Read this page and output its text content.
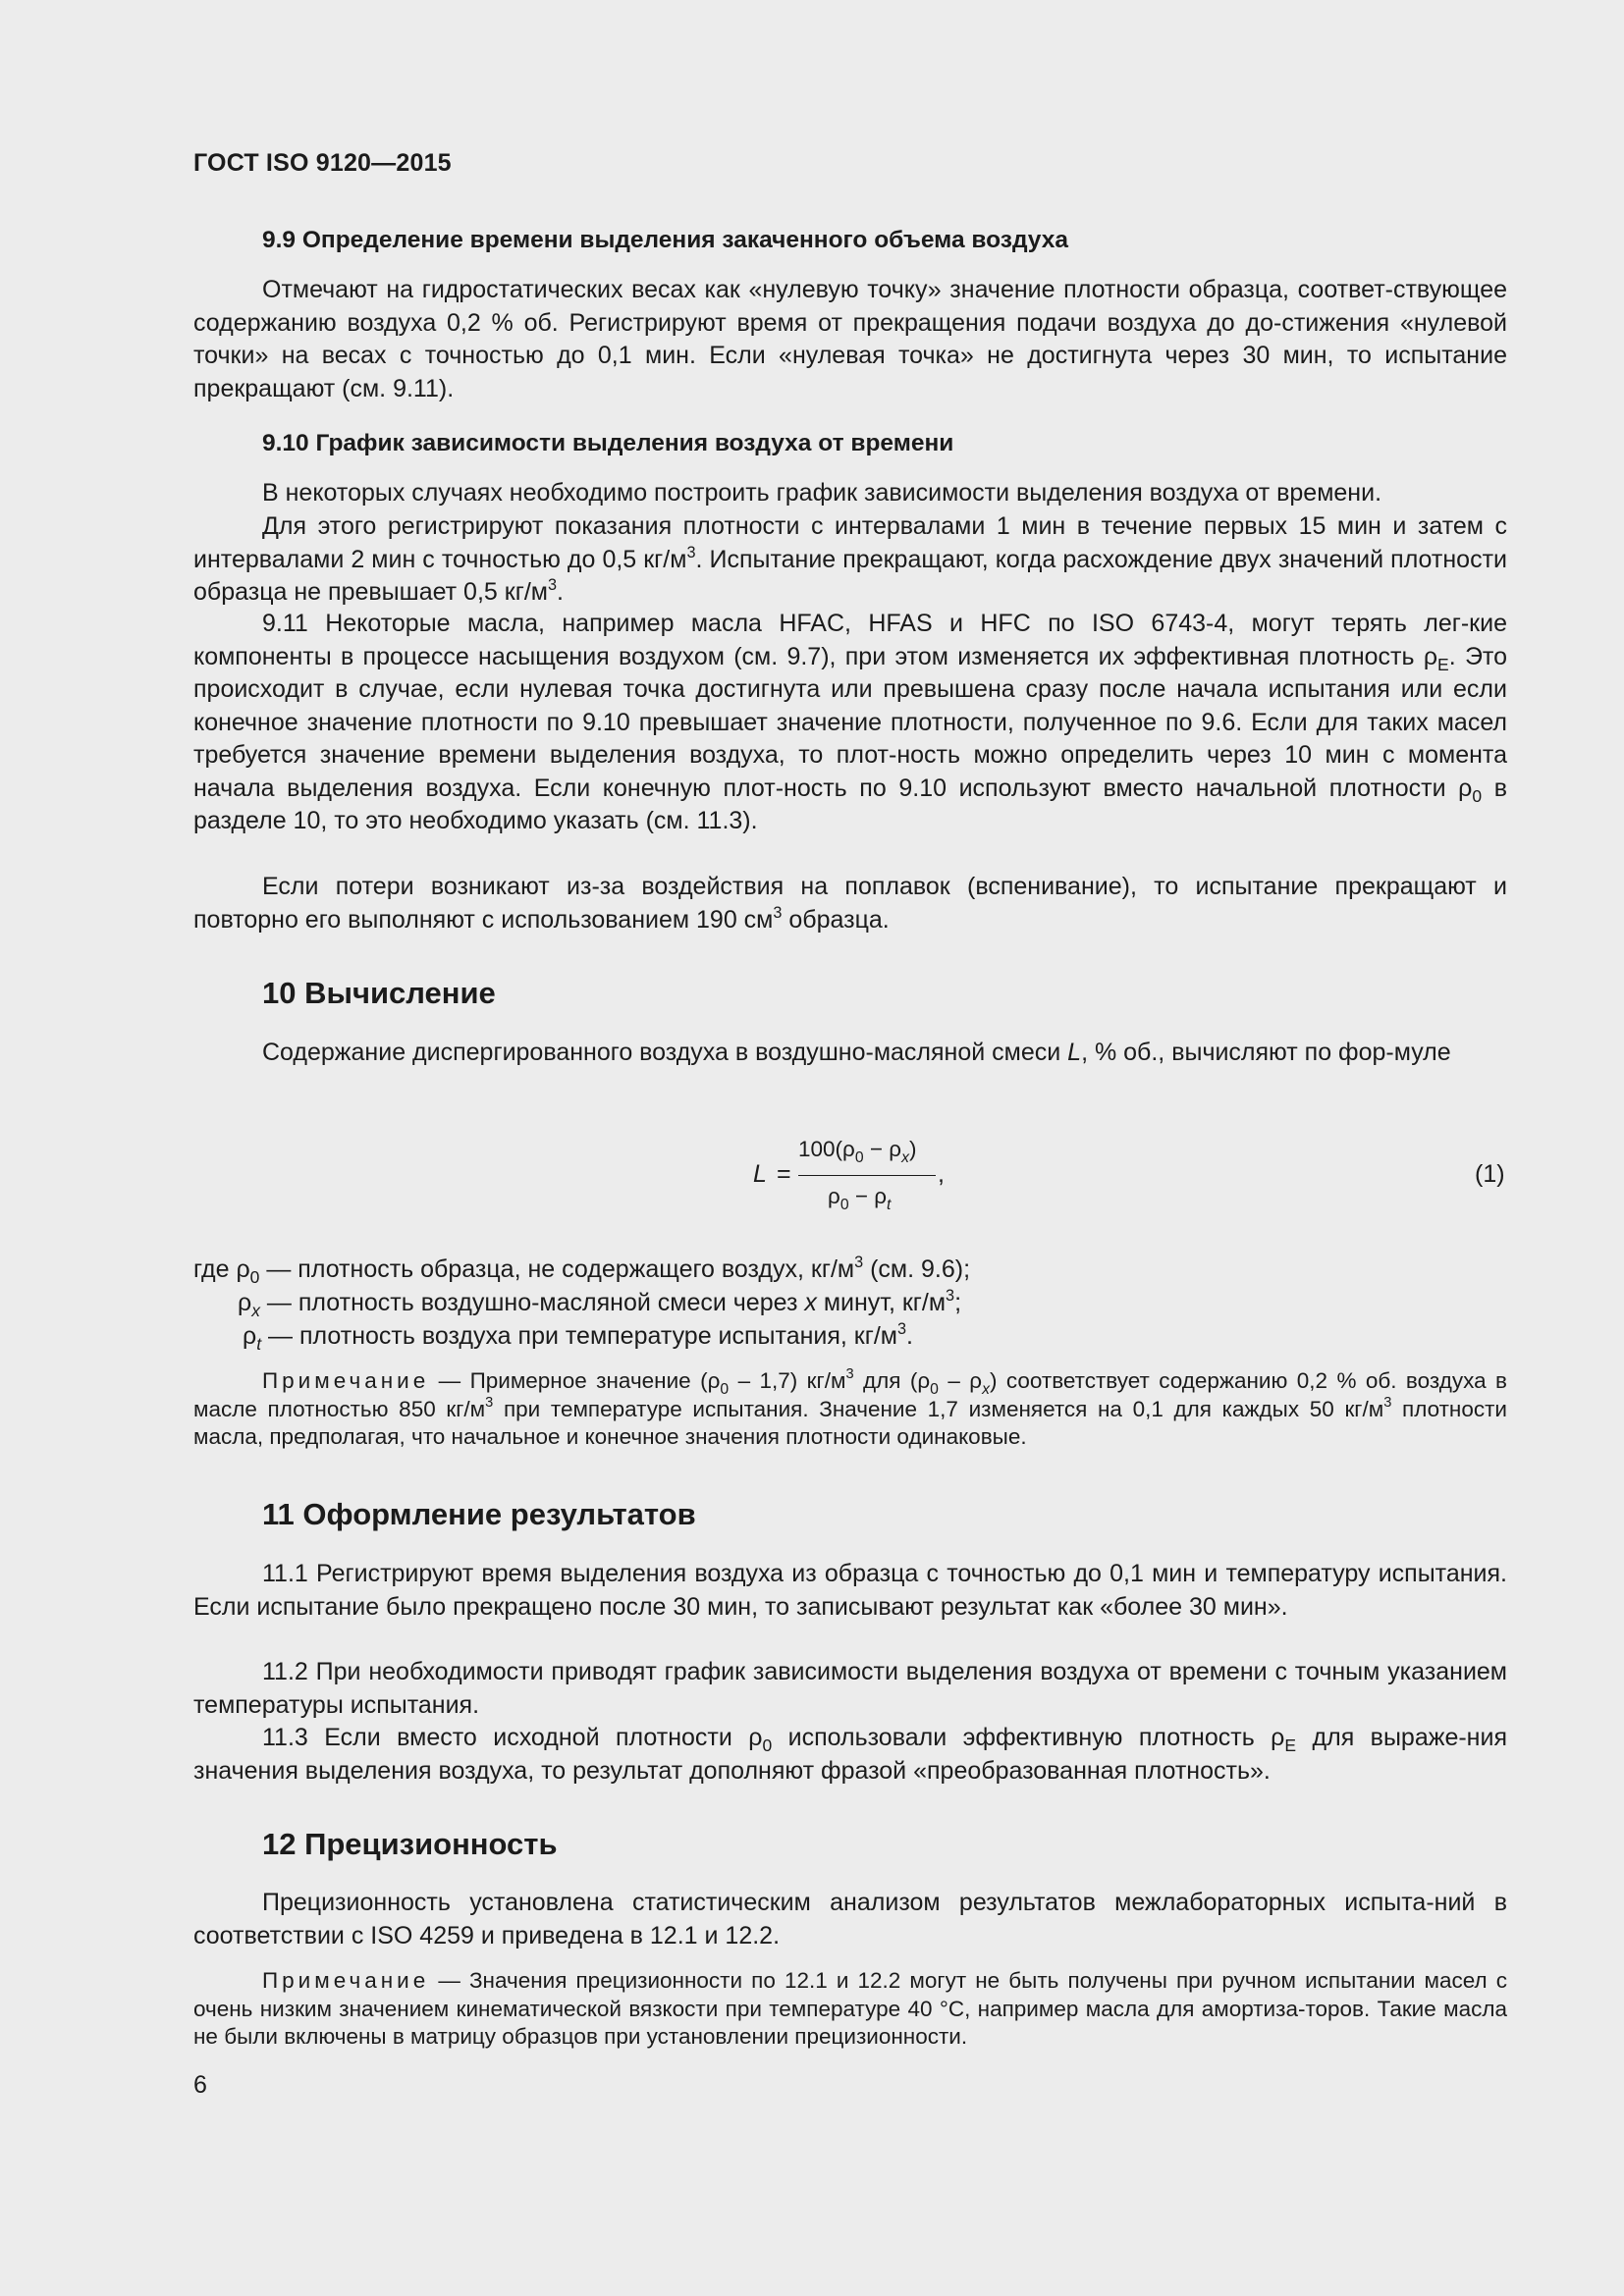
ГОСТ ISO 9120—2015
9.9 Определение времени выделения закаченного объема воздуха
Отмечают на гидростатических весах как «нулевую точку» значение плотности образца, соответ-ствующее содержанию воздуха 0,2 % об. Регистрируют время от прекращения подачи воздуха до до-стижения «нулевой точки» на весах с точностью до 0,1 мин. Если «нулевая точка» не достигнута через 30 мин, то испытание прекращают (см. 9.11).
9.10 График зависимости выделения воздуха от времени
В некоторых случаях необходимо построить график зависимости выделения воздуха от времени.
Для этого регистрируют показания плотности с интервалами 1 мин в течение первых 15 мин и затем с интервалами 2 мин с точностью до 0,5 $кг/м^3$. Испытание прекращают, когда расхождение двух значений плотности образца не превышает 0,5 $кг/м^3$.
9.11 Некоторые масла, например масла HFAC, HFAS и HFC по ISO 6743-4, могут терять лег-кие компоненты в процессе насыщения воздухом (см. 9.7), при этом изменяется их эффективная плотность $\rho_E$. Это происходит в случае, если нулевая точка достигнута или превышена сразу после начала испытания или если конечное значение плотности по 9.10 превышает значение плотности, полученное по 9.6. Если для таких масел требуется значение времени выделения воздуха, то плот-ность можно определить через 10 мин с момента начала выделения воздуха. Если конечную плот-ность по 9.10 используют вместо начальной плотности $\rho_0$ в разделе 10, то это необходимо указать (см. 11.3).
Если потери возникают из-за воздействия на поплавок (вспенивание), то испытание прекращают и повторно его выполняют с использованием 190 $см^3$ образца.
10 Вычисление
Содержание диспергированного воздуха в воздушно-масляной смеси L, % об., вычисляют по фор-муле
L =
$100(\rho_0 - \rho_x)$
$\rho_0 - \rho_t$
,	(1)
где $\rho_0$ — плотность образца, не содержащего воздух, $кг/м^3$ (см. 9.6);
$\rho_x$ — плотность воздушно-масляной смеси через x минут, $кг/м^3$;
$\rho_t$ — плотность воздуха при температуре испытания, $кг/м^3$.
Примечание — Примерное значение $(\rho_0 - 1,7)$ $кг/м^3$ для $(\rho_0 - \rho_x)$ соответствует содержанию 0,2 % об. воздуха в масле плотностью 850 $кг/м^3$ при температуре испытания. Значение 1,7 изменяется на 0,1 для каждых 50 $кг/м^3$ плотности масла, предполагая, что начальное и конечное значения плотности одинаковые.
11 Оформление результатов
11.1 Регистрируют время выделения воздуха из образца с точностью до 0,1 мин и температуру испытания. Если испытание было прекращено после 30 мин, то записывают результат как «более 30 мин».
11.2 При необходимости приводят график зависимости выделения воздуха от времени с точным указанием температуры испытания.
11.3 Если вместо исходной плотности $\rho_0$ использовали эффективную плотность $\rho_E$ для выраже-ния значения выделения воздуха, то результат дополняют фразой «преобразованная плотность».
12 Прецизионность
Прецизионность установлена статистическим анализом результатов межлабораторных испыта-ний в соответствии с ISO 4259 и приведена в 12.1 и 12.2.
Примечание — Значения прецизионности по 12.1 и 12.2 могут не быть получены при ручном испытании масел с очень низким значением кинематической вязкости при температуре 40 °С, например масла для амортиза-торов. Такие масла не были включены в матрицу образцов при установлении прецизионности.
6
